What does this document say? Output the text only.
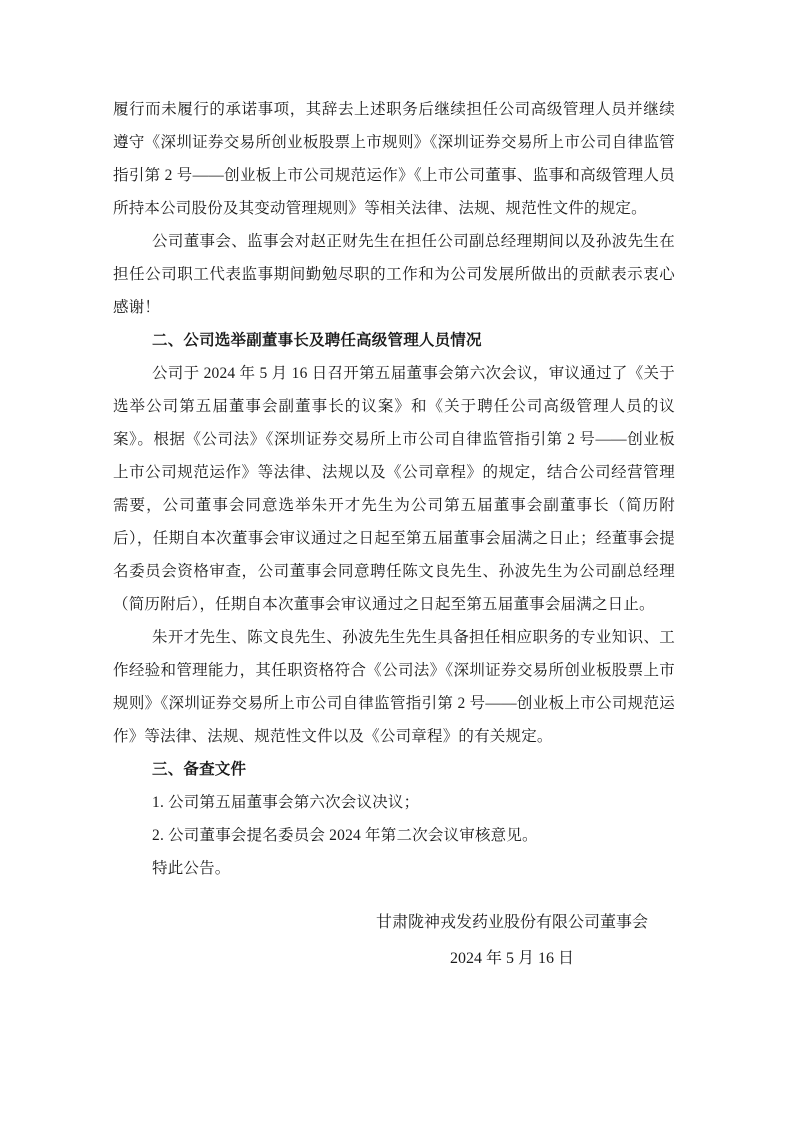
履行而未履行的承诺事项，其辞去上述职务后继续担任公司高级管理人员并继续遵守《深圳证券交易所创业板股票上市规则》《深圳证券交易所上市公司自律监管指引第 2 号——创业板上市公司规范运作》《上市公司董事、监事和高级管理人员所持本公司股份及其变动管理规则》等相关法律、法规、规范性文件的规定。

公司董事会、监事会对赵正财先生在担任公司副总经理期间以及孙波先生在担任公司职工代表监事期间勤勉尽职的工作和为公司发展所做出的贡献表示衷心感谢！

二、公司选举副董事长及聘任高级管理人员情况

公司于 2024 年 5 月 16 日召开第五届董事会第六次会议，审议通过了《关于选举公司第五届董事会副董事长的议案》和《关于聘任公司高级管理人员的议案》。根据《公司法》《深圳证券交易所上市公司自律监管指引第 2 号——创业板上市公司规范运作》等法律、法规以及《公司章程》的规定，结合公司经营管理需要，公司董事会同意选举朱开才先生为公司第五届董事会副董事长（简历附后），任期自本次董事会审议通过之日起至第五届董事会届满之日止；经董事会提名委员会资格审查，公司董事会同意聘任陈文良先生、孙波先生为公司副总经理（简历附后），任期自本次董事会审议通过之日起至第五届董事会届满之日止。

朱开才先生、陈文良先生、孙波先生先生具备担任相应职务的专业知识、工作经验和管理能力，其任职资格符合《公司法》《深圳证券交易所创业板股票上市规则》《深圳证券交易所上市公司自律监管指引第 2 号——创业板上市公司规范运作》等法律、法规、规范性文件以及《公司章程》的有关规定。

三、备查文件

1. 公司第五届董事会第六次会议决议；

2. 公司董事会提名委员会 2024 年第二次会议审核意见。

特此公告。

甘肃陇神戎发药业股份有限公司董事会

2024 年 5 月 16 日
